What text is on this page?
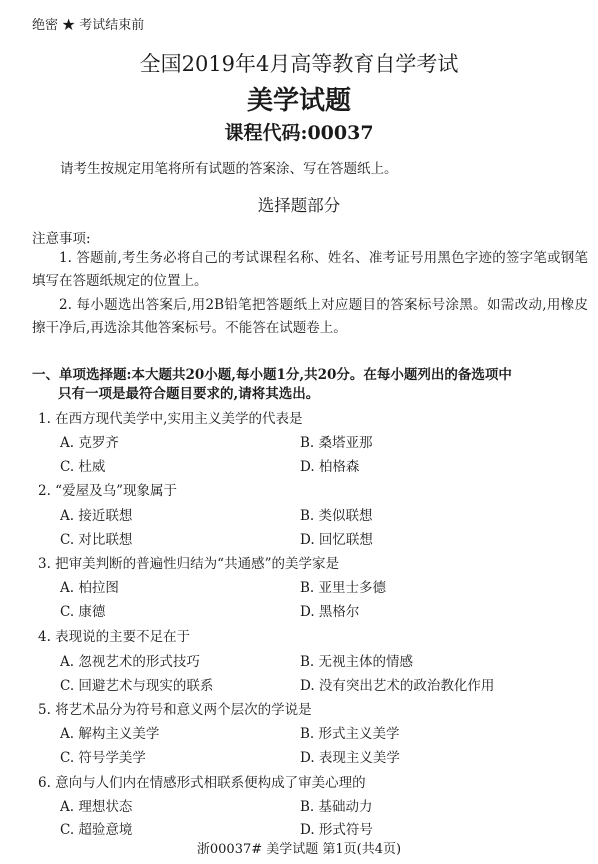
绝密 ★ 考试结束前
全国2019年4月高等教育自学考试
美学试题
课程代码:00037
请考生按规定用笔将所有试题的答案涂、写在答题纸上。
选择题部分
注意事项:
1. 答题前,考生务必将自己的考试课程名称、姓名、准考证号用黑色字迹的签字笔或钢笔填写在答题纸规定的位置上。
2. 每小题选出答案后,用2B铅笔把答题纸上对应题目的答案标号涂黑。如需改动,用橡皮擦干净后,再选涂其他答案标号。不能答在试题卷上。
一、单项选择题:本大题共20小题,每小题1分,共20分。在每小题列出的备选项中
只有一项是最符合题目要求的,请将其选出。
1. 在西方现代美学中,实用主义美学的代表是
A. 克罗齐	B. 桑塔亚那
C. 杜威	D. 柏格森
2. “爱屋及乌”现象属于
A. 接近联想	B. 类似联想
C. 对比联想	D. 回忆联想
3. 把审美判断的普遍性归结为“共通感”的美学家是
A. 柏拉图	B. 亚里士多德
C. 康德	D. 黑格尔
4. 表现说的主要不足在于
A. 忽视艺术的形式技巧	B. 无视主体的情感
C. 回避艺术与现实的联系	D. 没有突出艺术的政治教化作用
5. 将艺术品分为符号和意义两个层次的学说是
A. 解构主义美学	B. 形式主义美学
C. 符号学美学	D. 表现主义美学
6. 意向与人们内在情感形式相联系便构成了审美心理的
A. 理想状态	B. 基础动力
C. 超验意境	D. 形式符号
浙00037# 美学试题 第1页(共4页)
